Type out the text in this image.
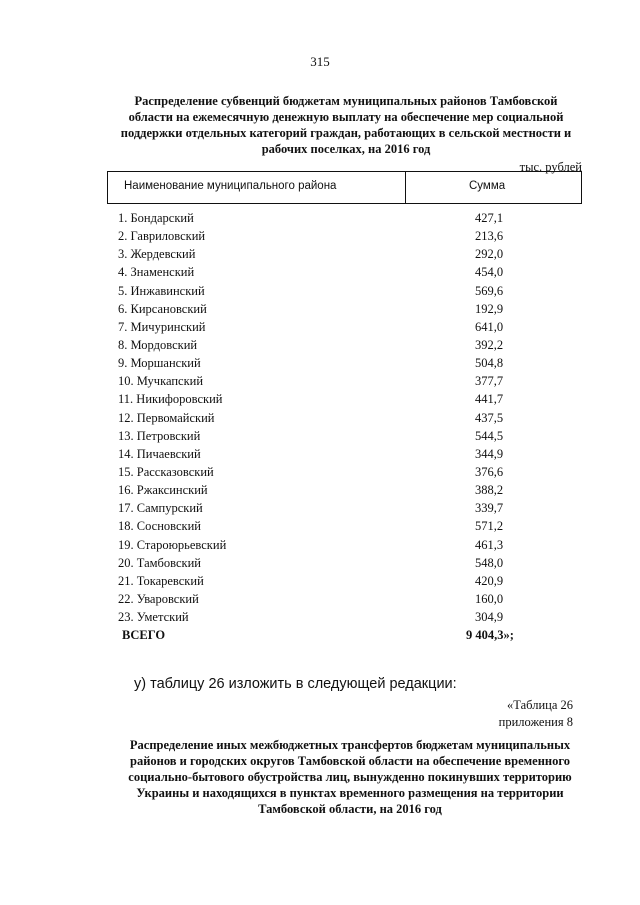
315
Распределение субвенций бюджетам муниципальных районов Тамбовской области на ежемесячную денежную выплату на обеспечение мер социальной поддержки отдельных категорий граждан, работающих в сельской местности и рабочих поселках, на 2016 год
тыс. рублей
Наименование муниципального района	Сумма
1. Бондарский	427,1
2. Гавриловский	213,6
3. Жердевский	292,0
4. Знаменский	454,0
5. Инжавинский	569,6
6. Кирсановский	192,9
7. Мичуринский	641,0
8. Мордовский	392,2
9. Моршанский	504,8
10. Мучкапский	377,7
11. Никифоровский	441,7
12. Первомайский	437,5
13. Петровский	544,5
14. Пичаевский	344,9
15. Рассказовский	376,6
16. Ржаксинский	388,2
17. Сампурский	339,7
18. Сосновский	571,2
19. Староюрьевский	461,3
20. Тамбовский	548,0
21. Токаревский	420,9
22. Уваровский	160,0
23. Уметский	304,9
ВСЕГО	9 404,3»;
у) таблицу 26 изложить в следующей редакции:
«Таблица 26
приложения 8
Распределение иных межбюджетных трансфертов бюджетам муниципальных районов и городских округов Тамбовской области на обеспечение временного социально-бытового обустройства лиц, вынужденно покинувших территорию Украины и находящихся в пунктах временного размещения на территории Тамбовской области, на 2016 год
